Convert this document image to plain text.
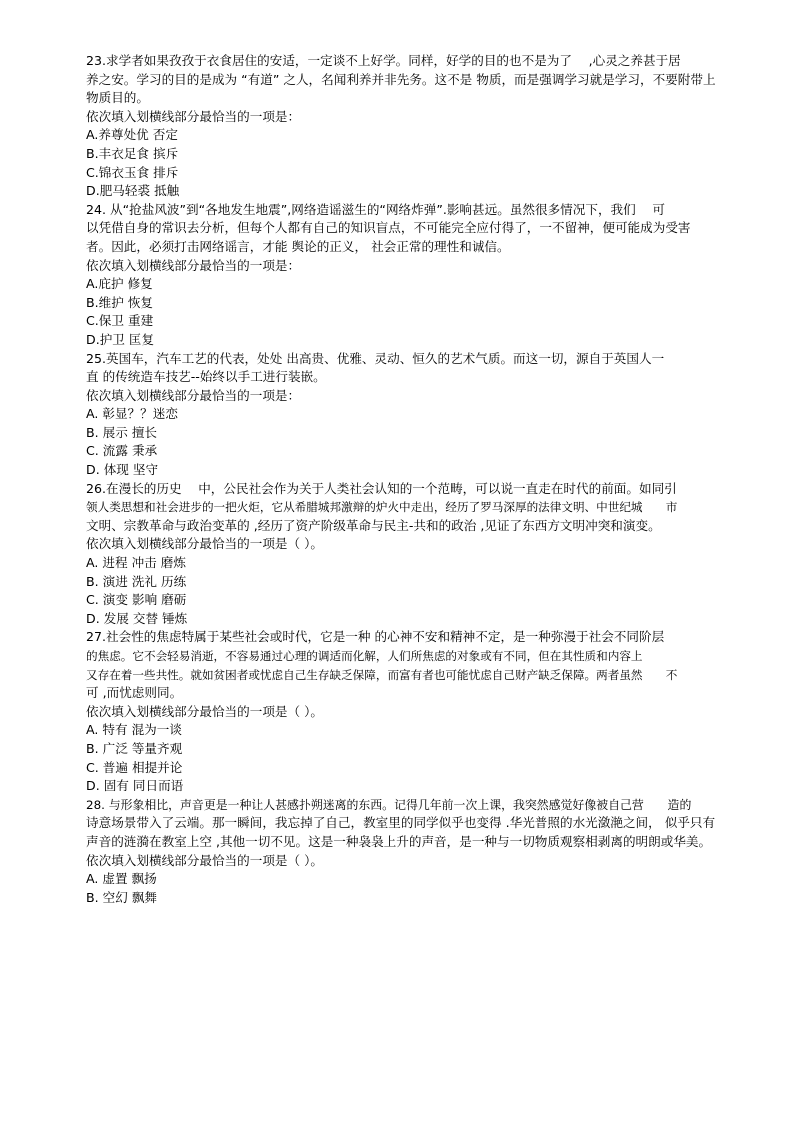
23.求学者如果孜孜于衣食居住的安适，一定谈不上好学。同样，好学的目的也不是为了　 ,心灵之养甚于居

养之安。学习的目的是成为 “有道” 之人，名闻利养并非先务。这不是 物质，而是强调学习就是学习，不要附带上

物质目的。

依次填入划横线部分最恰当的一项是：

A.养尊处优 否定

B.丰衣足食 摈斥

C.锦衣玉食 排斥

D.肥马轻裘 抵触

24. 从“抢盐风波”到“各地发生地震”,网络造谣滋生的“网络炸弹”.影响甚远。虽然很多情况下，我们　 可

以凭借自身的常识去分析，但每个人都有自己的知识盲点，不可能完全应付得了，一不留神，便可能成为受害

者。因此，必须打击网络谣言，才能 舆论的正义， 社会正常的理性和诚信。

依次填入划横线部分最恰当的一项是：

A.庇护 修复

B.维护 恢复

C.保卫 重建

D.护卫 匡复

25.英国车，汽车工艺的代表，处处 出高贵、优雅、灵动、恒久的艺术气质。而这一切，源自于英国人一

直 的传统造车技艺--始终以手工进行装嵌。

依次填入划横线部分最恰当的一项是：

A. 彰显？？迷恋

B. 展示 擅长

C. 流露 秉承

D. 体现 坚守

26.在漫长的历史　 中，公民社会作为关于人类社会认知的一个范畴，可以说一直走在时代的前面。如同引

领人类思想和社会进步的一把火炬，它从希腊城邦激辩的炉火中走出，经历了罗马深厚的法律文明、中世纪城　　市

文明、宗教革命与政治变革的 ,经历了资产阶级革命与民主-共和的政治 ,见证了东西方文明冲突和演变。

依次填入划横线部分最恰当的一项是（ ）。

A. 进程 冲击 磨炼

B. 演进 洗礼 历练

C. 演变 影响 磨砺

D. 发展 交替 锤炼

27.社会性的焦虑特属于某些社会或时代，它是一种 的心神不安和精神不定，是一种弥漫于社会不同阶层

的焦虑。它不会轻易消逝，不容易通过心理的调适而化解，人们所焦虑的对象或有不同，但在其性质和内容上

又存在着一些共性。就如贫困者或忧虑自己生存缺乏保障，而富有者也可能忧虑自己财产缺乏保障。两者虽然　　不

可 ,而忧虑则同。

依次填入划横线部分最恰当的一项是（ ）。

A. 特有 混为一谈

B. 广泛 等量齐观

C. 普遍 相提并论

D. 固有 同日而语

28. 与形象相比，声音更是一种让人甚感扑朔迷离的东西。记得几年前一次上课，我突然感觉好像被自己营　　造的

诗意场景带入了云端。那一瞬间，我忘掉了自己，教室里的同学似乎也变得 .华光普照的水光潋滟之间， 似乎只有

声音的涟漪在教室上空 ,其他一切不见。这是一种袅袅上升的声音，是一种与一切物质观察相剥离的明朗或华美。

依次填入划横线部分最恰当的一项是（ ）。

A. 虚置 飘扬

B. 空幻 飘舞
